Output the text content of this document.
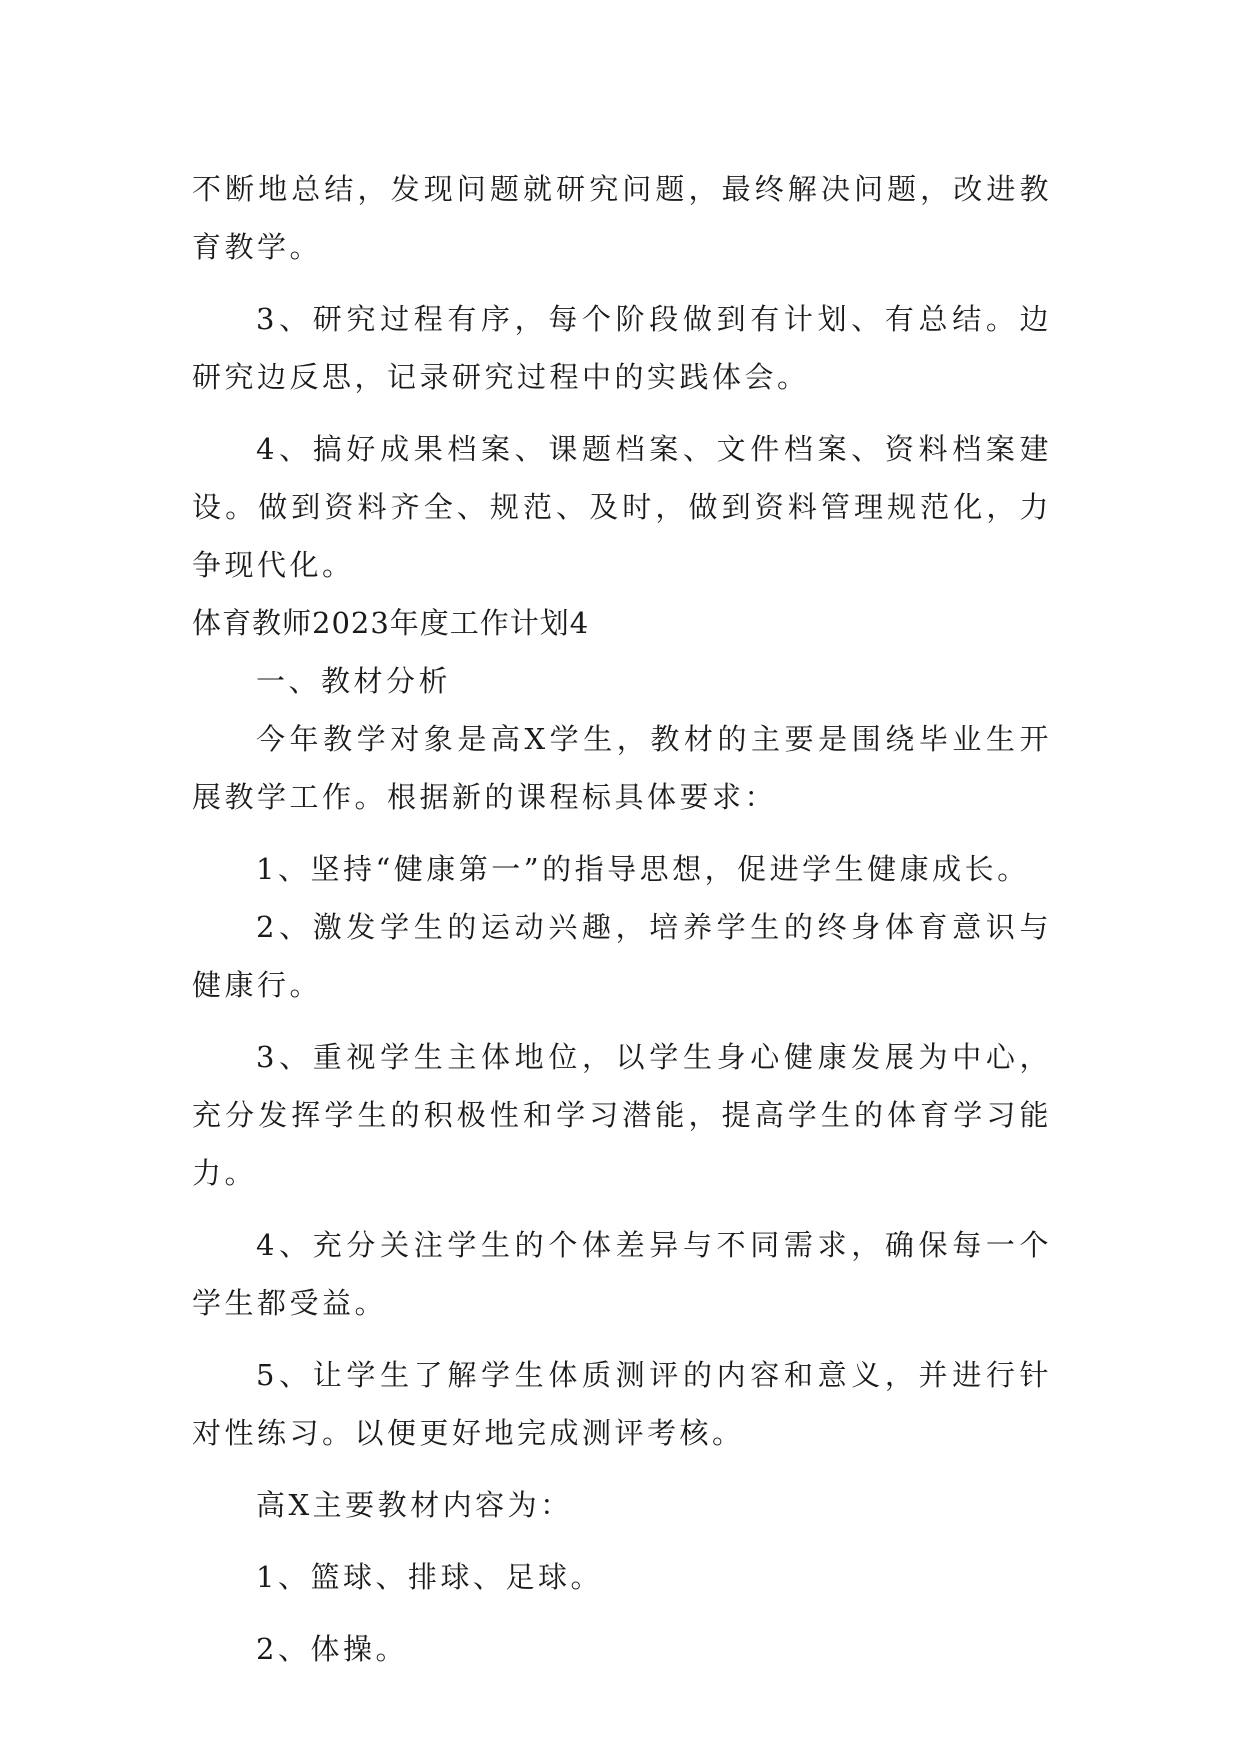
不断地总结，发现问题就研究问题，最终解决问题，改进教育教学。

3、研究过程有序，每个阶段做到有计划、有总结。边研究边反思，记录研究过程中的实践体会。

4、搞好成果档案、课题档案、文件档案、资料档案建设。做到资料齐全、规范、及时，做到资料管理规范化，力争现代化。

体育教师2023年度工作计划4

一、教材分析

今年教学对象是高X学生，教材的主要是围绕毕业生开展教学工作。根据新的课程标具体要求：

1、坚持“健康第一”的指导思想，促进学生健康成长。

2、激发学生的运动兴趣，培养学生的终身体育意识与健康行。

3、重视学生主体地位，以学生身心健康发展为中心，充分发挥学生的积极性和学习潜能，提高学生的体育学习能力。

4、充分关注学生的个体差异与不同需求，确保每一个学生都受益。

5、让学生了解学生体质测评的内容和意义，并进行针对性练习。以便更好地完成测评考核。

高X主要教材内容为：

1、篮球、排球、足球。

2、体操。
